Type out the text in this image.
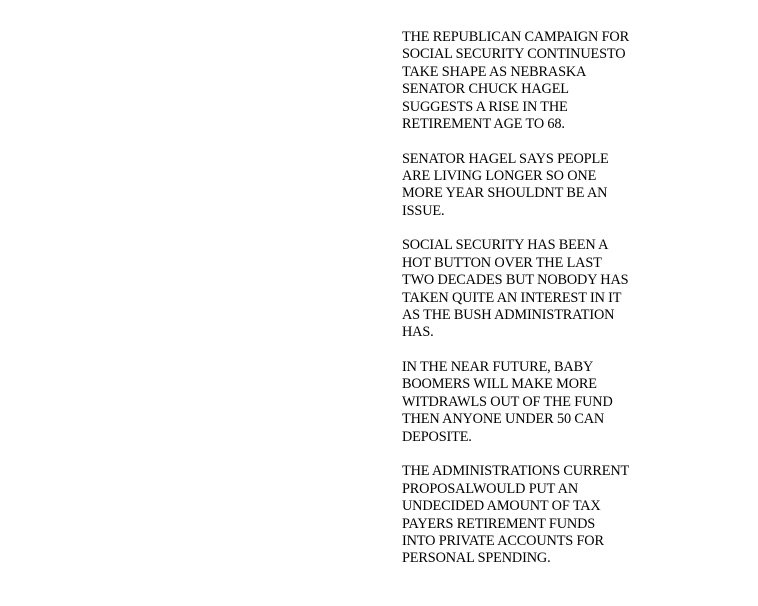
THE REPUBLICAN CAMPAIGN FOR
SOCIAL SECURITY CONTINUESTO
TAKE SHAPE AS NEBRASKA
SENATOR CHUCK HAGEL
SUGGESTS A RISE IN THE
RETIREMENT AGE TO 68.

SENATOR HAGEL SAYS PEOPLE
ARE LIVING LONGER SO ONE
MORE YEAR SHOULDNT BE AN
ISSUE.

SOCIAL SECURITY HAS BEEN A
HOT BUTTON OVER THE LAST
TWO DECADES BUT NOBODY HAS
TAKEN QUITE AN INTEREST IN IT
AS THE BUSH ADMINISTRATION
HAS.

IN THE NEAR FUTURE, BABY
BOOMERS WILL MAKE MORE
WITDRAWLS OUT OF THE FUND
THEN ANYONE UNDER 50 CAN
DEPOSITE.

THE ADMINISTRATIONS CURRENT
PROPOSALWOULD PUT AN
UNDECIDED AMOUNT OF TAX
PAYERS RETIREMENT FUNDS
INTO PRIVATE ACCOUNTS FOR
PERSONAL SPENDING.
